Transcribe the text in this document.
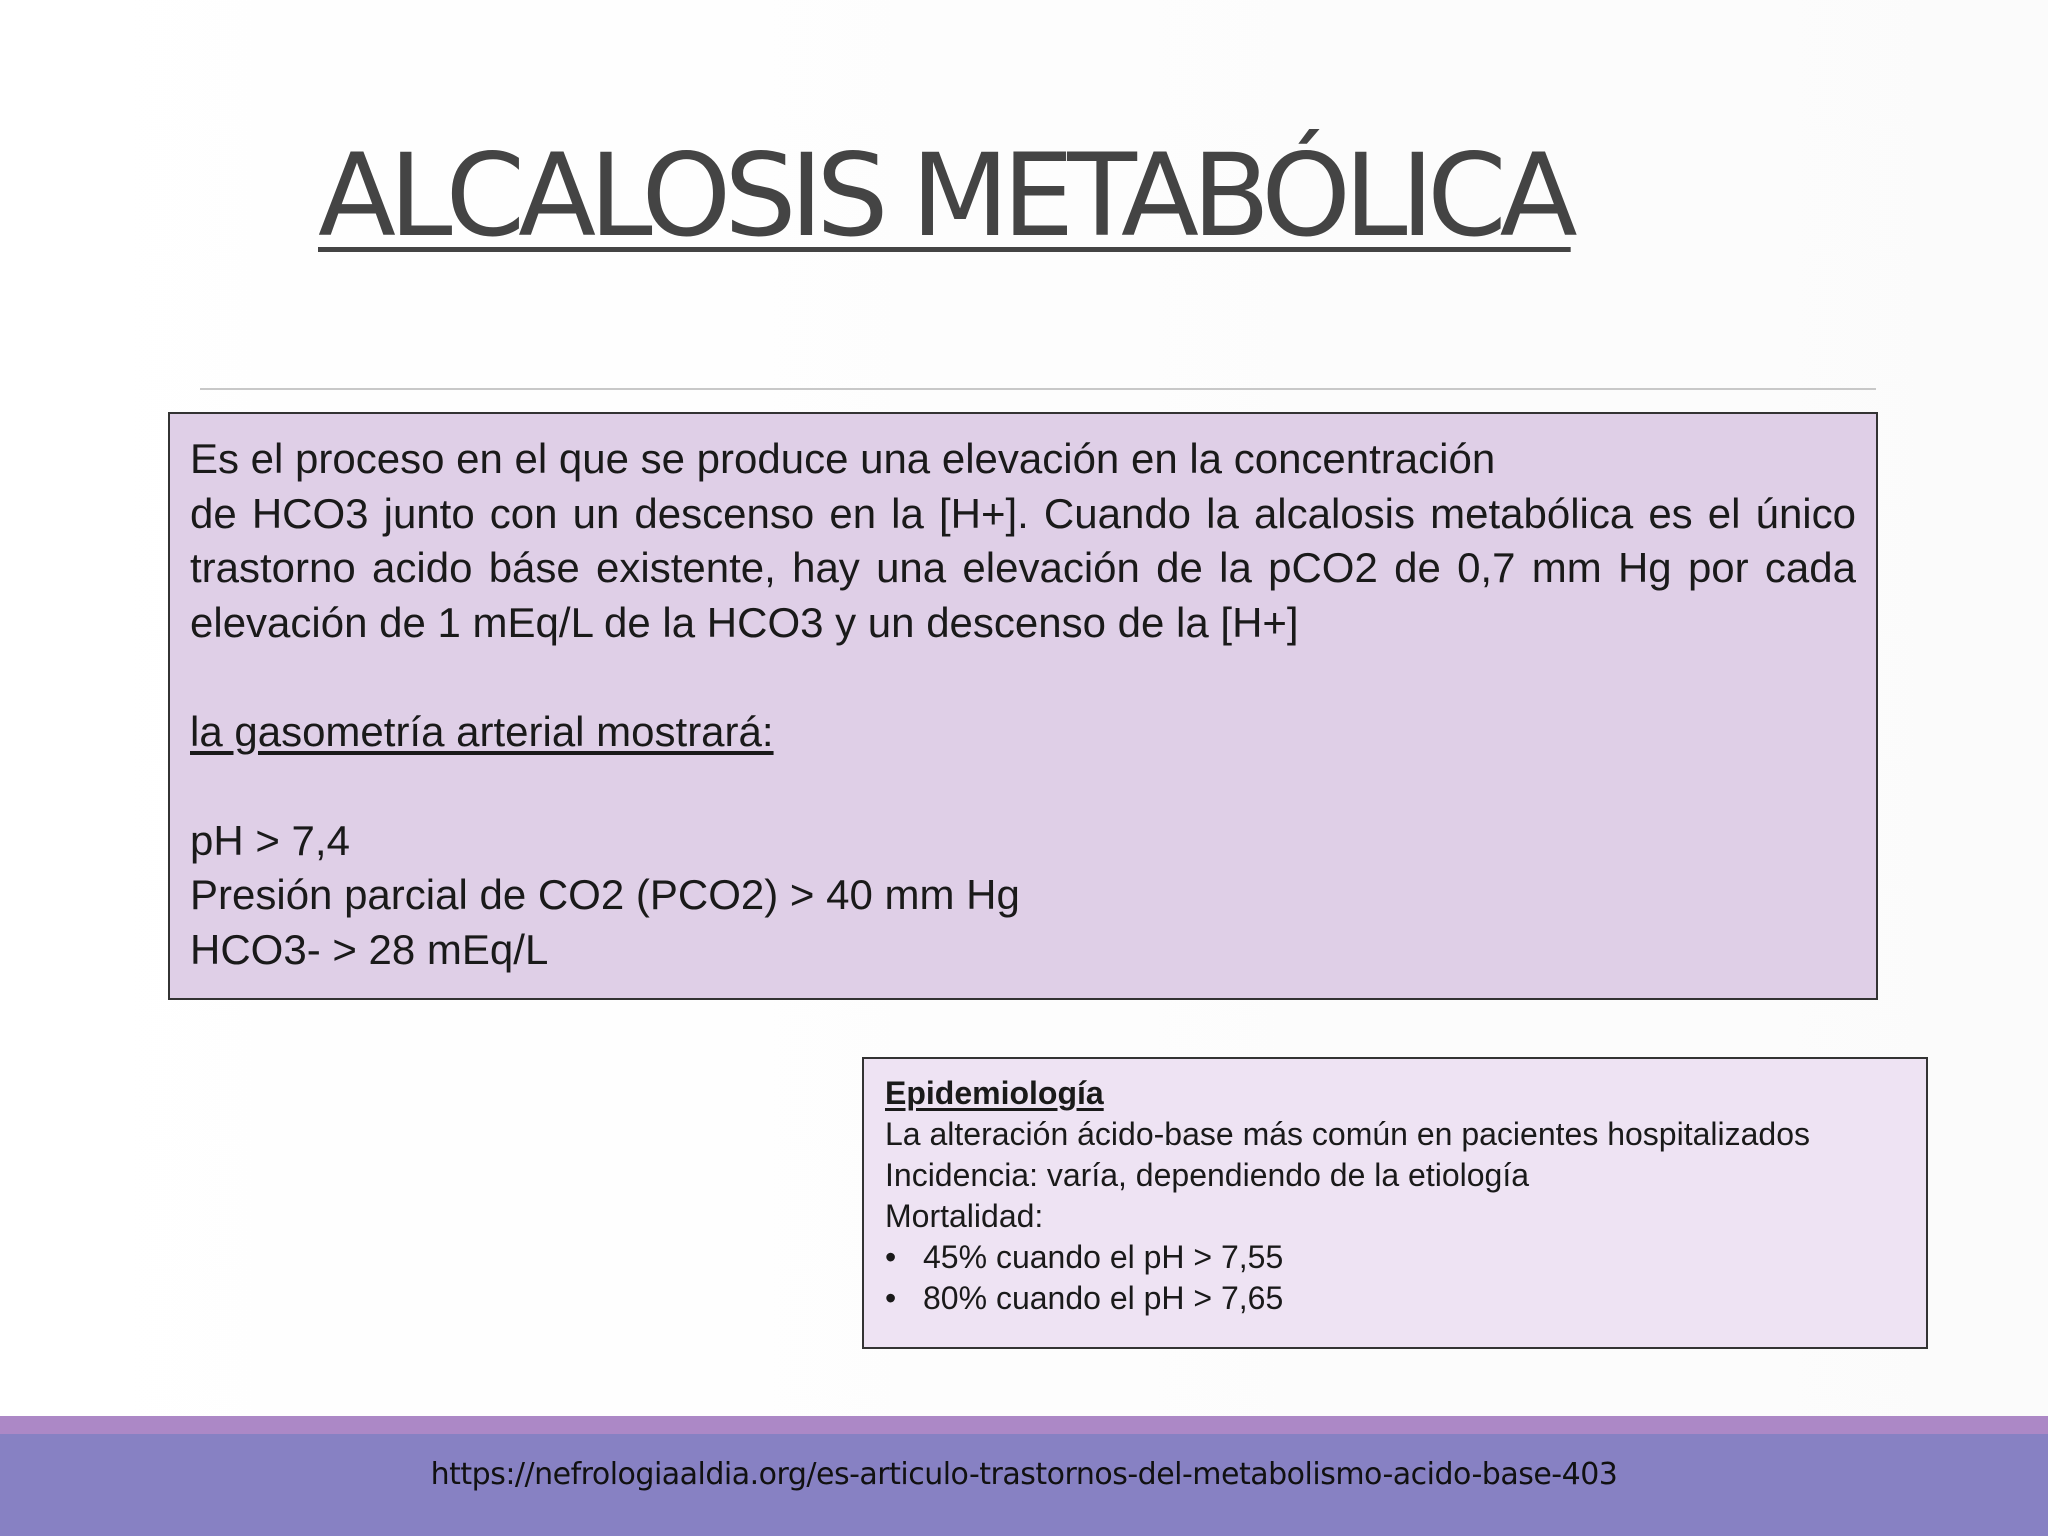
ALCALOSIS METABÓLICA

Es el proceso en el que se produce una elevación en la concentración

de HCO3 junto con un descenso en la [H+]. Cuando la alcalosis metabólica es el único trastorno acido báse existente, hay una elevación de la pCO2 de 0,7 mm Hg por cada elevación de 1 mEq/L de la HCO3 y un descenso de la [H+]

la gasometría arterial mostrará:

pH > 7,4

Presión parcial de CO2 (PCO2) > 40 mm Hg

HCO3- > 28 mEq/L

Epidemiología

La alteración ácido-base más común en pacientes hospitalizados

Incidencia: varía, dependiendo de la etiología

Mortalidad:

• 45% cuando el pH > 7,55
• 80% cuando el pH > 7,65
https://nefrologiaaldia.org/es-articulo-trastornos-del-metabolismo-acido-base-403
